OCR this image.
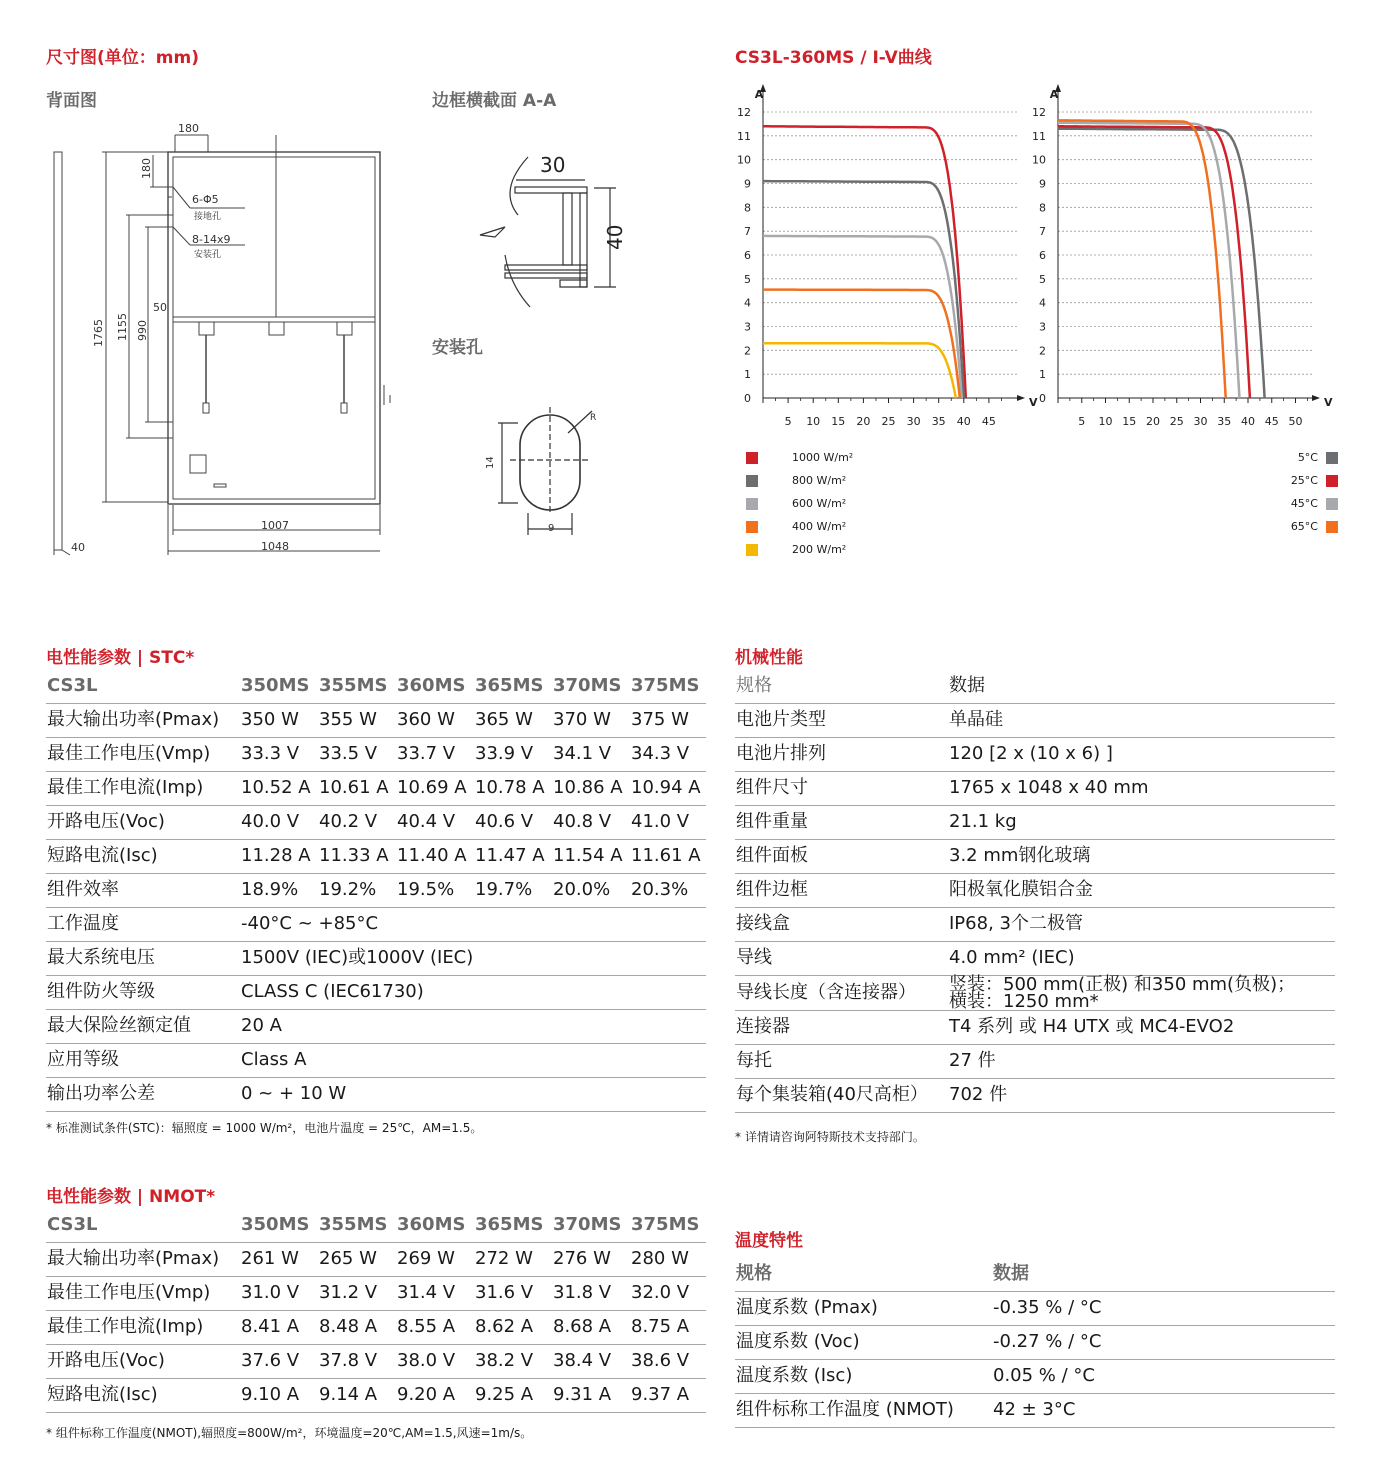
尺寸图(单位：mm)
背面图	边框横截面 A-A
安装孔
180
180
6-Φ5
接地孔
8-14x9
安装孔
50
1765 1155 990
1007
1048
40
30
40
14
9
R
CS3L-360MS / I-V曲线
0
1
2
3
4
5
6
7
8
9
10
11
12
5 10 15 20 25 30 35 40 45
A
V 0
1
2
3
4
5
6
7
8
9
10
11
12
5 10 15 20 25 30 35 40 45 50
A
V
1000 W/m²
800 W/m²
600 W/m²
400 W/m²
200 W/m²
5°C
25°C
45°C
65°C
电性能参数 | STC*
CS3L	350MS	355MS	360MS	365MS	370MS	375MS
最大输出功率(Pmax)	350 W	355 W	360 W	365 W	370 W	375 W
最佳工作电压(Vmp)	33.3 V	33.5 V	33.7 V	33.9 V	34.1 V	34.3 V
最佳工作电流(Imp)	10.52 A	10.61 A	10.69 A	10.78 A	10.86 A	10.94 A
开路电压(Voc)	40.0 V	40.2 V	40.4 V	40.6 V	40.8 V	41.0 V
短路电流(Isc)	11.28 A	11.33 A	11.40 A	11.47 A	11.54 A	11.61 A
组件效率	18.9%	19.2%	19.5%	19.7%	20.0%	20.3%
工作温度	-40°C ~ +85°C					
最大系统电压	1500V (IEC)或1000V (IEC)					
组件防火等级	CLASS C (IEC61730)					
最大保险丝额定值	20 A					
应用等级	Class A					
输出功率公差	0 ~ + 10 W					
* 标准测试条件(STC)：辐照度 = 1000 W/m²，电池片温度 = 25℃，AM=1.5。
电性能参数 | NMOT*
CS3L	350MS	355MS	360MS	365MS	370MS	375MS
最大输出功率(Pmax)	261 W	265 W	269 W	272 W	276 W	280 W
最佳工作电压(Vmp)	31.0 V	31.2 V	31.4 V	31.6 V	31.8 V	32.0 V
最佳工作电流(Imp)	8.41 A	8.48 A	8.55 A	8.62 A	8.68 A	8.75 A
开路电压(Voc)	37.6 V	37.8 V	38.0 V	38.2 V	38.4 V	38.6 V
短路电流(Isc)	9.10 A	9.14 A	9.20 A	9.25 A	9.31 A	9.37 A
* 组件标称工作温度(NMOT),辐照度=800W/m²，环境温度=20℃,AM=1.5,风速=1m/s。
机械性能
规格	数据
电池片类型	单晶硅
电池片排列	120 [2 x (10 x 6) ]
组件尺寸	1765 x 1048 x 40 mm
组件重量	21.1 kg
组件面板	3.2 mm钢化玻璃
组件边框	阳极氧化膜铝合金
接线盒	IP68, 3个二极管
导线	4.0 mm² (IEC)
导线长度（含连接器）	竖装：500 mm(正极) 和350 mm(负极)；
横装：1250 mm*
连接器	T4 系列 或 H4 UTX 或 MC4-EVO2
每托	27 件
每个集装箱(40尺高柜）	702 件
* 详情请咨询阿特斯技术支持部门。
温度特性
规格	数据
温度系数 (Pmax)	-0.35 % / °C
温度系数 (Voc)	-0.27 % / °C
温度系数 (Isc)	0.05 % / °C
组件标称工作温度 (NMOT)	42 ± 3°C
